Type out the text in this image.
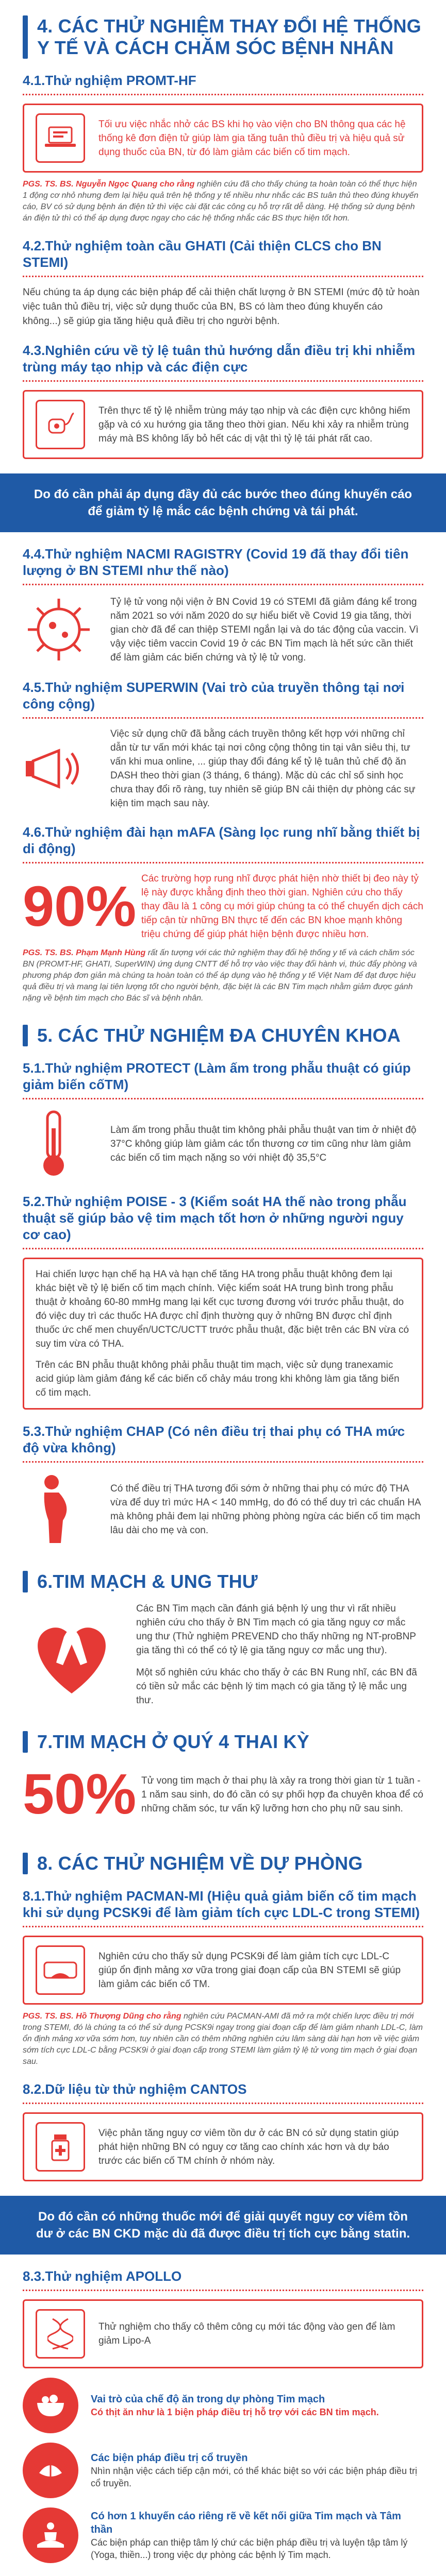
4. CÁC THỬ NGHIỆM THAY ĐỔI HỆ THỐNG Y TẾ VÀ CÁCH CHĂM SÓC BỆNH NHÂN
4.1.Thử nghiệm PROMT-HF
Tối ưu việc nhắc nhở các BS khi họ vào viện cho BN thông qua các hệ thống kê đơn điện tử giúp làm gia tăng tuân thủ điều trị và hiệu quả sử dụng thuốc của BN, từ đó làm giảm các biến cố tim mạch.
PGS. TS. BS. Nguyễn Ngọc Quang cho rằng nghiên cứu đã cho thấy chúng ta hoàn toàn có thể thực hiện 1 động cơ nhỏ nhưng đem lại hiệu quả trên hệ thống y tế nhiều như nhắc các BS tuân thủ theo đúng khuyến cáo, BV có sử dụng bệnh án điện tử thì việc cài đặt các công cụ hỗ trợ rất dễ dàng. Hệ thống sử dụng bệnh án điện tử thì có thể áp dụng được ngay cho các hệ thống nhắc các BS thực hiện tốt hơn.
4.2.Thử nghiệm toàn cầu GHATI (Cải thiện CLCS cho BN STEMI)
Nếu chúng ta áp dụng các biện pháp để cải thiện chất lượng ở BN STEMI (mức độ tử hoàn việc tuân thủ điều trị, việc sử dụng thuốc của BN, BS có làm theo đúng khuyến cáo không...) sẽ giúp gia tăng hiệu quả điều trị cho người bệnh.
4.3.Nghiên cứu về tỷ lệ tuân thủ hướng dẫn điều trị khi nhiễm trùng máy tạo nhịp và các điện cực
Trên thực tế tỷ lệ nhiễm trùng máy tạo nhịp và các điện cực không hiếm gặp và có xu hướng gia tăng theo thời gian. Nếu khi xảy ra nhiễm trùng máy mà BS không lấy bỏ hết các dị vật thì tỷ lệ tái phát rất cao.
Do đó cần phải áp dụng đầy đủ các bước theo đúng khuyến cáo để giảm tỷ lệ mắc các bệnh chứng và tái phát.
4.4.Thử nghiệm NACMI RAGISTRY (Covid 19 đã thay đổi tiên lượng ở BN STEMI như thế nào)
Tỷ lệ tử vong nội viện ở BN Covid 19 có STEMI đã giảm đáng kể trong năm 2021 so với năm 2020 do sự hiểu biết về Covid 19 gia tăng, thời gian chờ đã để can thiệp STEMI ngắn lại và do tác động của vaccin. Vì vậy việc tiêm vaccin Covid 19 ở các BN Tim mạch là hết sức cần thiết để làm giảm các biến chứng và tỷ lệ tử vong.
4.5.Thử nghiệm SUPERWIN (Vai trò của truyền thông tại nơi công cộng)
Việc sử dụng chữ đã bằng cách truyền thông kết hợp với những chỉ dẫn từ tư vấn mới khác tại nơi công cộng thông tin tại vân siêu thị, tư vấn khi mua online, ... giúp thay đổi đáng kể tỷ lệ tuân thủ chế độ ăn DASH theo thời gian (3 tháng, 6 tháng). Mặc dù các chỉ số sinh học chưa thay đổi rõ ràng, tuy nhiên sẽ giúp BN cải thiện dự phòng các sự kiện tim mạch sau này.
4.6.Thử nghiệm đài hạn mAFA (Sàng lọc rung nhĩ bằng thiết bị di động)
90% Các trường hợp rung nhĩ được phát hiện nhờ thiết bị đeo này tỷ lệ này được khẳng định theo thời gian. Nghiên cứu cho thấy thay đầu là 1 công cụ mới giúp chúng ta có thể chuyển dịch cách tiếp cận từ những BN thực tế đến các BN khoe mạnh không triệu chứng để giúp phát hiện bệnh được nhiều hơn.
PGS. TS. BS. Phạm Mạnh Hùng rất ấn tượng với các thử nghiệm thay đổi hệ thống y tế và cách chăm sóc BN (PROMT-HF, GHATI, SuperWIN) ứng dụng CNTT để hỗ trợ vào việc thay đổi hành vi, thúc đẩy phòng và phương pháp đơn giản mà chúng ta hoàn toàn có thể áp dụng vào hệ thống y tế Việt Nam để đạt được hiệu quả điều trị và mang lại tiên lượng tốt cho người bệnh, đặc biệt là các BN Tim mạch nhằm giảm được gánh nặng về bệnh tim mạch cho Bác sĩ và bệnh nhân.
5. CÁC THỬ NGHIỆM ĐA CHUYÊN KHOA
5.1.Thử nghiệm PROTECT (Làm ấm trong phẫu thuật có giúp giảm biến cốTM)
Làm ấm trong phẫu thuật tim không phải phẫu thuật van tim ở nhiệt độ 37°C không giúp làm giảm các tổn thương cơ tim cũng như làm giảm các biến cố tim mạch nặng so với nhiệt độ 35,5°C
5.2.Thử nghiệm POISE - 3 (Kiểm soát HA thế nào trong phẫu thuật sẽ giúp bảo vệ tim mạch tốt hơn ở những người nguy cơ cao)
Hai chiến lược hạn chế hạ HA và hạn chế tăng HA trong phẫu thuật không đem lại khác biệt về tỷ lệ biến cố tim mạch chính. Việc kiểm soát HA trung bình trong phẫu thuật ở khoảng 60-80 mmHg mang lại kết cục tương đương với trước phẫu thuật, do đó việc duy trì các thuốc HA được chỉ định thường quy ở những BN được chỉ định thuốc ức chế men chuyển/UCTC/UCTT trước phẫu thuật, đặc biệt trên các BN vừa có suy tim vừa có THA.
Trên các BN phẫu thuật không phải phẫu thuật tim mạch, việc sử dụng tranexamic acid giúp làm giảm đáng kể các biến cố chảy máu trong khi không làm gia tăng biến cố tim mạch.
5.3.Thử nghiệm CHAP (Có nên điều trị thai phụ có THA mức độ vừa không)
Có thể điều trị THA tương đối sớm ở những thai phụ có mức độ THA vừa để duy trì mức HA < 140 mmHg, do đó có thể duy trì các chuẩn HA mà không phải đem lại những phòng phòng ngừa các biến cố tim mạch lâu dài cho mẹ và con.
6.TIM MẠCH & UNG THƯ
Các BN Tim mạch cần đánh giá bệnh lý ung thư vì rất nhiều nghiên cứu cho thấy ở BN Tim mạch có gia tăng nguy cơ mắc ung thư (Thử nghiệm PREVEND cho thấy những ng NT-proBNP gia tăng thì có thể có tỷ lệ gia tăng nguy cơ mắc ung thư).
Một số nghiên cứu khác cho thấy ở các BN Rung nhĩ, các BN đã có tiền sử mắc các bệnh lý tim mạch có gia tăng tỷ lệ mắc ung thư.
7.TIM MẠCH Ở QUÝ 4 THAI KỲ
50% Tử vong tim mạch ở thai phụ là xảy ra trong thời gian từ 1 tuần - 1 năm sau sinh, do đó cần có sự phối hợp đa chuyên khoa để có những chăm sóc, tư vấn kỹ lưỡng hơn cho phụ nữ sau sinh.
8. CÁC THỬ NGHIỆM VỀ DỰ PHÒNG
8.1.Thử nghiệm PACMAN-MI (Hiệu quả giảm biến cố tim mạch khi sử dụng PCSK9i để làm giảm tích cực LDL-C trong STEMI)
Nghiên cứu cho thấy sử dụng PCSK9i để làm giảm tích cực LDL-C giúp ổn định mảng xơ vữa trong giai đoạn cấp của BN STEMI sẽ giúp làm giảm các biến cố TM.
PGS. TS. BS. Hồ Thượng Dũng cho rằng nghiên cứu PACMAN-AMI đã mở ra một chiến lược điều trị mới trong STEMI, đó là chúng ta có thể sử dụng PCSK9i ngay trong giai đoạn cấp để làm giảm nhanh LDL-C, làm ổn định mảng xơ vữa sớm hơn, tuy nhiên cần có thêm những nghiên cứu lâm sàng dài hạn hơn về việc giảm sớm tích cực LDL-C bằng PCSK9i ở giai đoạn cấp trong STEMI làm giảm tỷ lệ tử vong tim mạch ở giai đoạn sau.
8.2.Dữ liệu từ thử nghiệm CANTOS
Việc phản tăng nguy cơ viêm tồn dư ở các BN có sử dụng statin giúp phát hiện những BN có nguy cơ tăng cao chính xác hơn và dự báo trước các biến cố TM chính ở nhóm này.
Do đó cần có những thuốc mới để giải quyết nguy cơ viêm tồn dư ở các BN CKD mặc dù đã được điều trị tích cực bằng statin.
8.3.Thử nghiệm APOLLO
Thử nghiệm cho thấy cô thêm công cụ mới tác động vào gen để làm giảm Lipo-A
Vai trò của chế độ ăn trong dự phòng Tim mạch
Có thịt ăn như là 1 biện pháp điều trị hỗ trợ với các BN tim mạch.
Các biện pháp điều trị cổ truyền
Nhìn nhận việc cách tiếp cận mới, có thể khác biệt so với các biện pháp điều trị cổ truyền.
Có hơn 1 khuyến cáo riêng rẽ về kết nối giữa Tim mạch và Tâm thần
Các biện pháp can thiệp tâm lý chứ các biện pháp điều trị và luyện tập tâm lý (Yoga, thiền...) trong việc dự phòng các bệnh lý Tim mạch.
